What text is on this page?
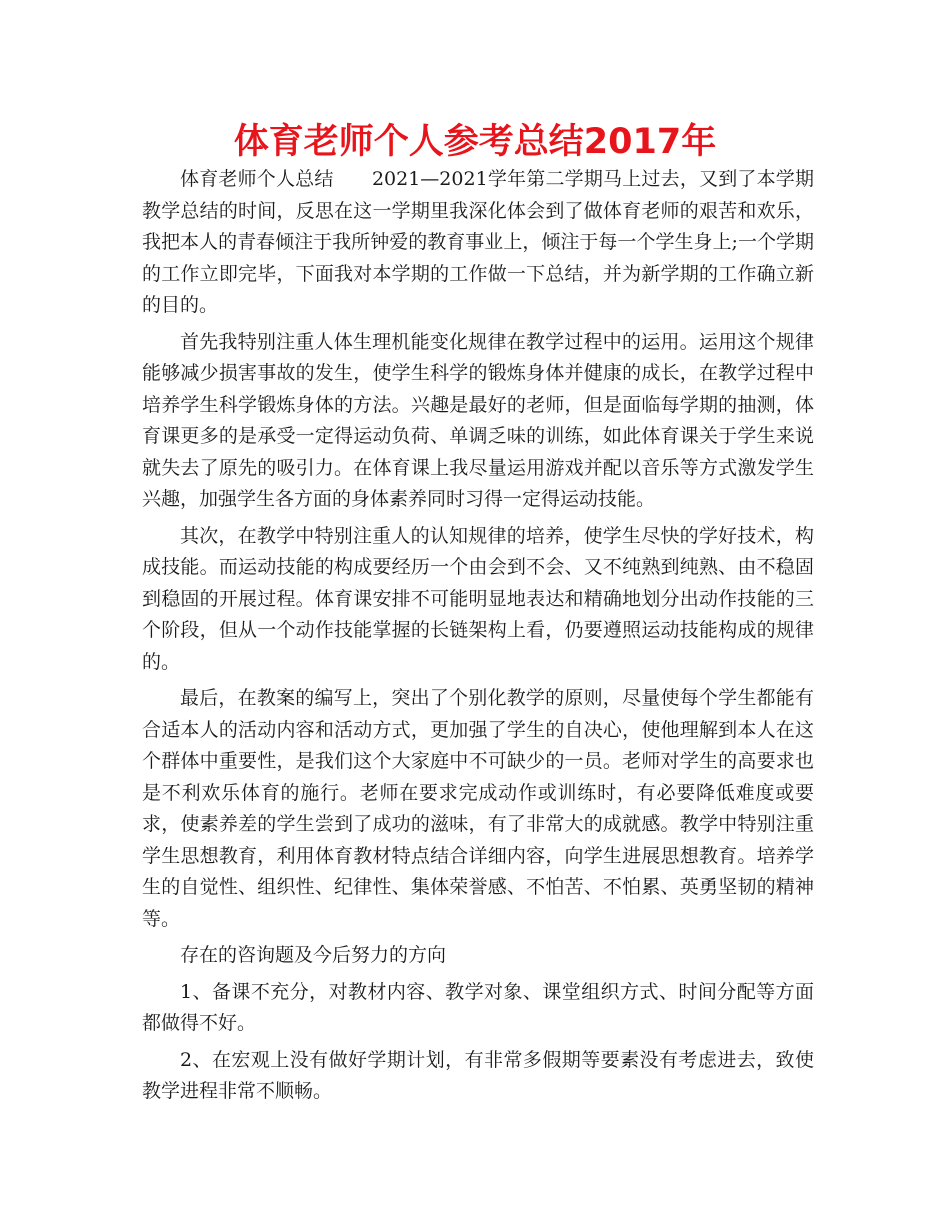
体育老师个人参考总结2017年

体育老师个人总结　　2021—2021学年第二学期马上过去，又到了本学期教学总结的时间，反思在这一学期里我深化体会到了做体育老师的艰苦和欢乐，我把本人的青春倾注于我所钟爱的教育事业上，倾注于每一个学生身上;一个学期的工作立即完毕，下面我对本学期的工作做一下总结，并为新学期的工作确立新的目的。

首先我特别注重人体生理机能变化规律在教学过程中的运用。运用这个规律能够减少损害事故的发生，使学生科学的锻炼身体并健康的成长，在教学过程中培养学生科学锻炼身体的方法。兴趣是最好的老师，但是面临每学期的抽测，体育课更多的是承受一定得运动负荷、单调乏味的训练，如此体育课关于学生来说就失去了原先的吸引力。在体育课上我尽量运用游戏并配以音乐等方式激发学生兴趣，加强学生各方面的身体素养同时习得一定得运动技能。

其次，在教学中特别注重人的认知规律的培养，使学生尽快的学好技术，构成技能。而运动技能的构成要经历一个由会到不会、又不纯熟到纯熟、由不稳固到稳固的开展过程。体育课安排不可能明显地表达和精确地划分出动作技能的三个阶段，但从一个动作技能掌握的长链架构上看，仍要遵照运动技能构成的规律的。

最后，在教案的编写上，突出了个别化教学的原则，尽量使每个学生都能有合适本人的活动内容和活动方式，更加强了学生的自决心，使他理解到本人在这个群体中重要性，是我们这个大家庭中不可缺少的一员。老师对学生的高要求也是不利欢乐体育的施行。老师在要求完成动作或训练时，有必要降低难度或要求，使素养差的学生尝到了成功的滋味，有了非常大的成就感。教学中特别注重学生思想教育，利用体育教材特点结合详细内容，向学生进展思想教育。培养学生的自觉性、组织性、纪律性、集体荣誉感、不怕苦、不怕累、英勇坚韧的精神等。

存在的咨询题及今后努力的方向

1、备课不充分，对教材内容、教学对象、课堂组织方式、时间分配等方面都做得不好。

2、在宏观上没有做好学期计划，有非常多假期等要素没有考虑进去，致使教学进程非常不顺畅。
